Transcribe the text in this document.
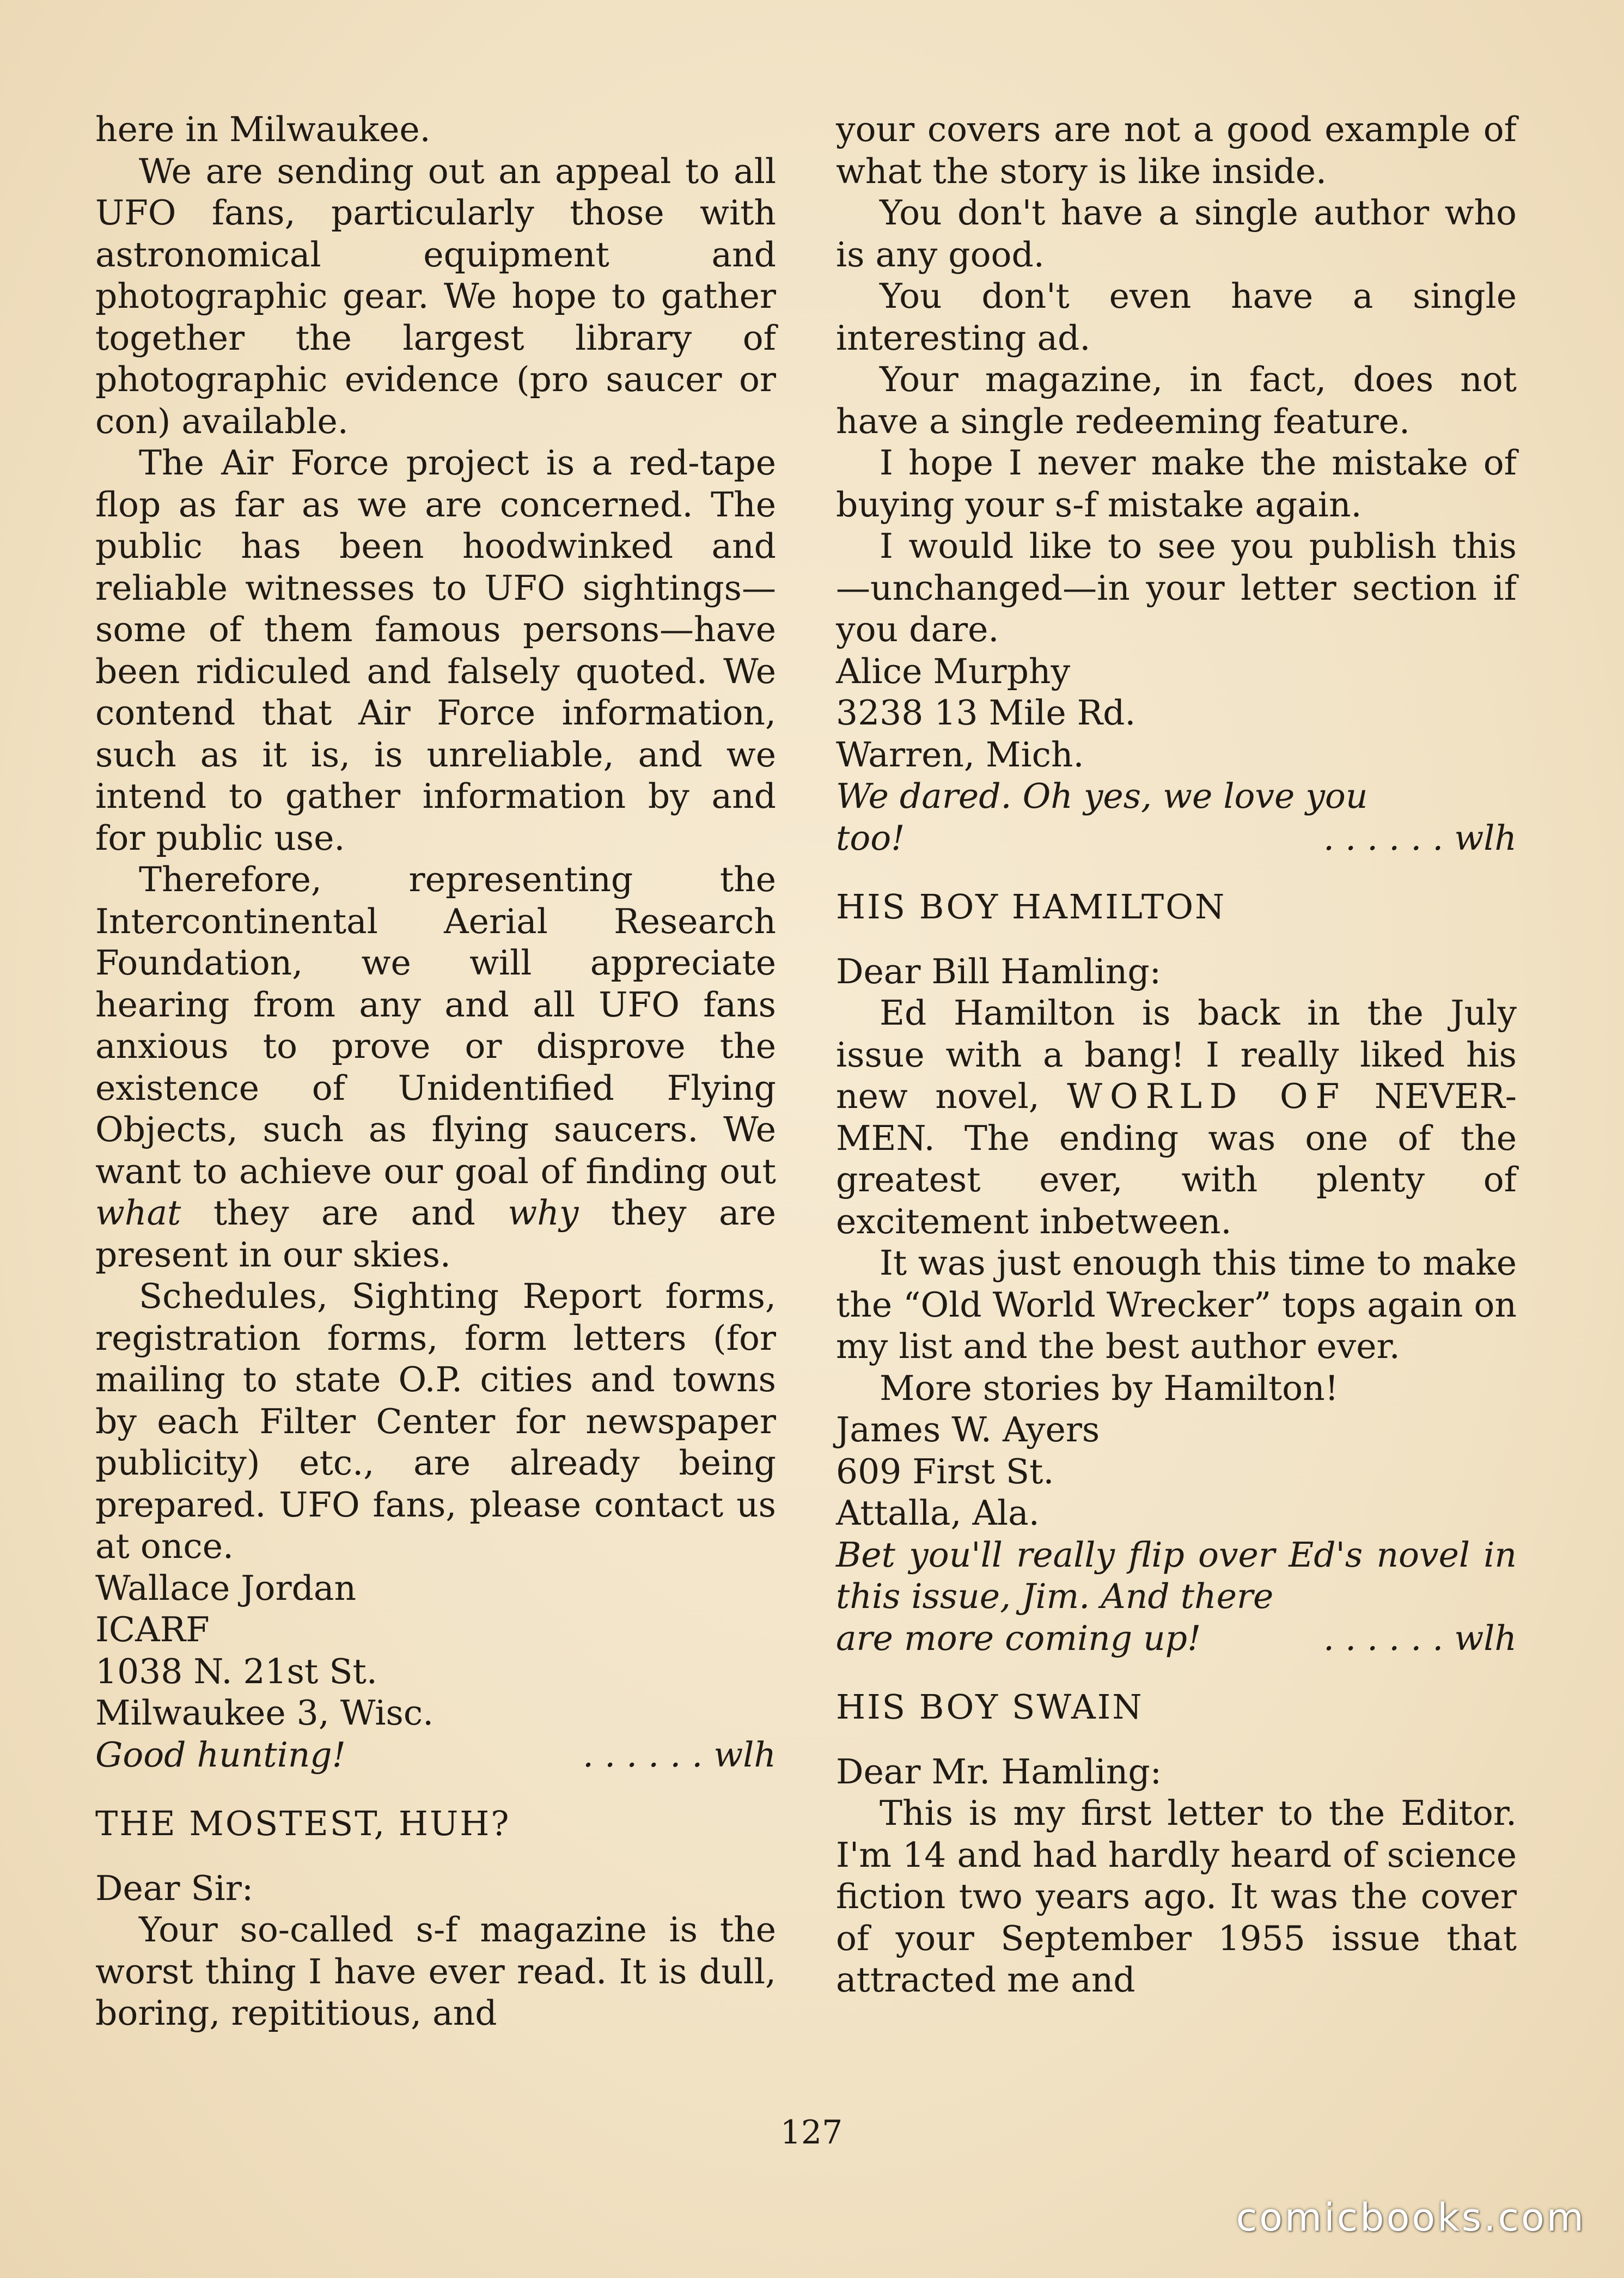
here in Milwaukee.

We are sending out an appeal to all UFO fans, particularly those with astronomical equipment and photographic gear. We hope to gather together the largest library of photographic evidence (pro saucer or con) available.

The Air Force project is a red-tape flop as far as we are concerned. The public has been hoodwinked and reliable witnesses to UFO sightings—some of them famous persons—have been ridiculed and falsely quoted. We contend that Air Force information, such as it is, is unreliable, and we intend to gather information by and for public use.

Therefore, representing the Intercontinental Aerial Research Foundation, we will appreciate hearing from any and all UFO fans anxious to prove or disprove the existence of Unidentified Flying Objects, such as flying saucers. We want to achieve our goal of finding out what they are and why they are present in our skies.

Schedules, Sighting Report forms, registration forms, form letters (for mailing to state O.P. cities and towns by each Filter Center for newspaper publicity) etc., are already being prepared. UFO fans, please contact us at once.

Wallace Jordan

ICARF

1038 N. 21st St.

Milwaukee 3, Wisc.

Good hunting!	. . . . . . wlh
THE MOSTEST, HUH?

Dear Sir:

Your so-called s-f magazine is the worst thing I have ever read. It is dull, boring, repititious, and

your covers are not a good example of what the story is like inside.

You don't have a single author who is any good.

You don't even have a single interesting ad.

Your magazine, in fact, does not have a single redeeming feature.

I hope I never make the mistake of buying your s-f mistake again.

I would like to see you publish this—unchanged—in your letter section if you dare.

Alice Murphy

3238 13 Mile Rd.

Warren, Mich.

We dared. Oh yes, we love you

too!	. . . . . . wlh
HIS BOY HAMILTON

Dear Bill Hamling:

Ed Hamilton is back in the July issue with a bang! I really liked his new novel, WORLD OF NEVER-MEN. The ending was one of the greatest ever, with plenty of excitement inbetween.

It was just enough this time to make the “Old World Wrecker” tops again on my list and the best author ever.

More stories by Hamilton!

James W. Ayers

609 First St.

Attalla, Ala.

Bet you'll really flip over Ed's novel in this issue, Jim. And there

are more coming up!	. . . . . . wlh
HIS BOY SWAIN

Dear Mr. Hamling:

This is my first letter to the Editor. I'm 14 and had hardly heard of science fiction two years ago. It was the cover of your September 1955 issue that attracted me and

127
comicbooks.com
